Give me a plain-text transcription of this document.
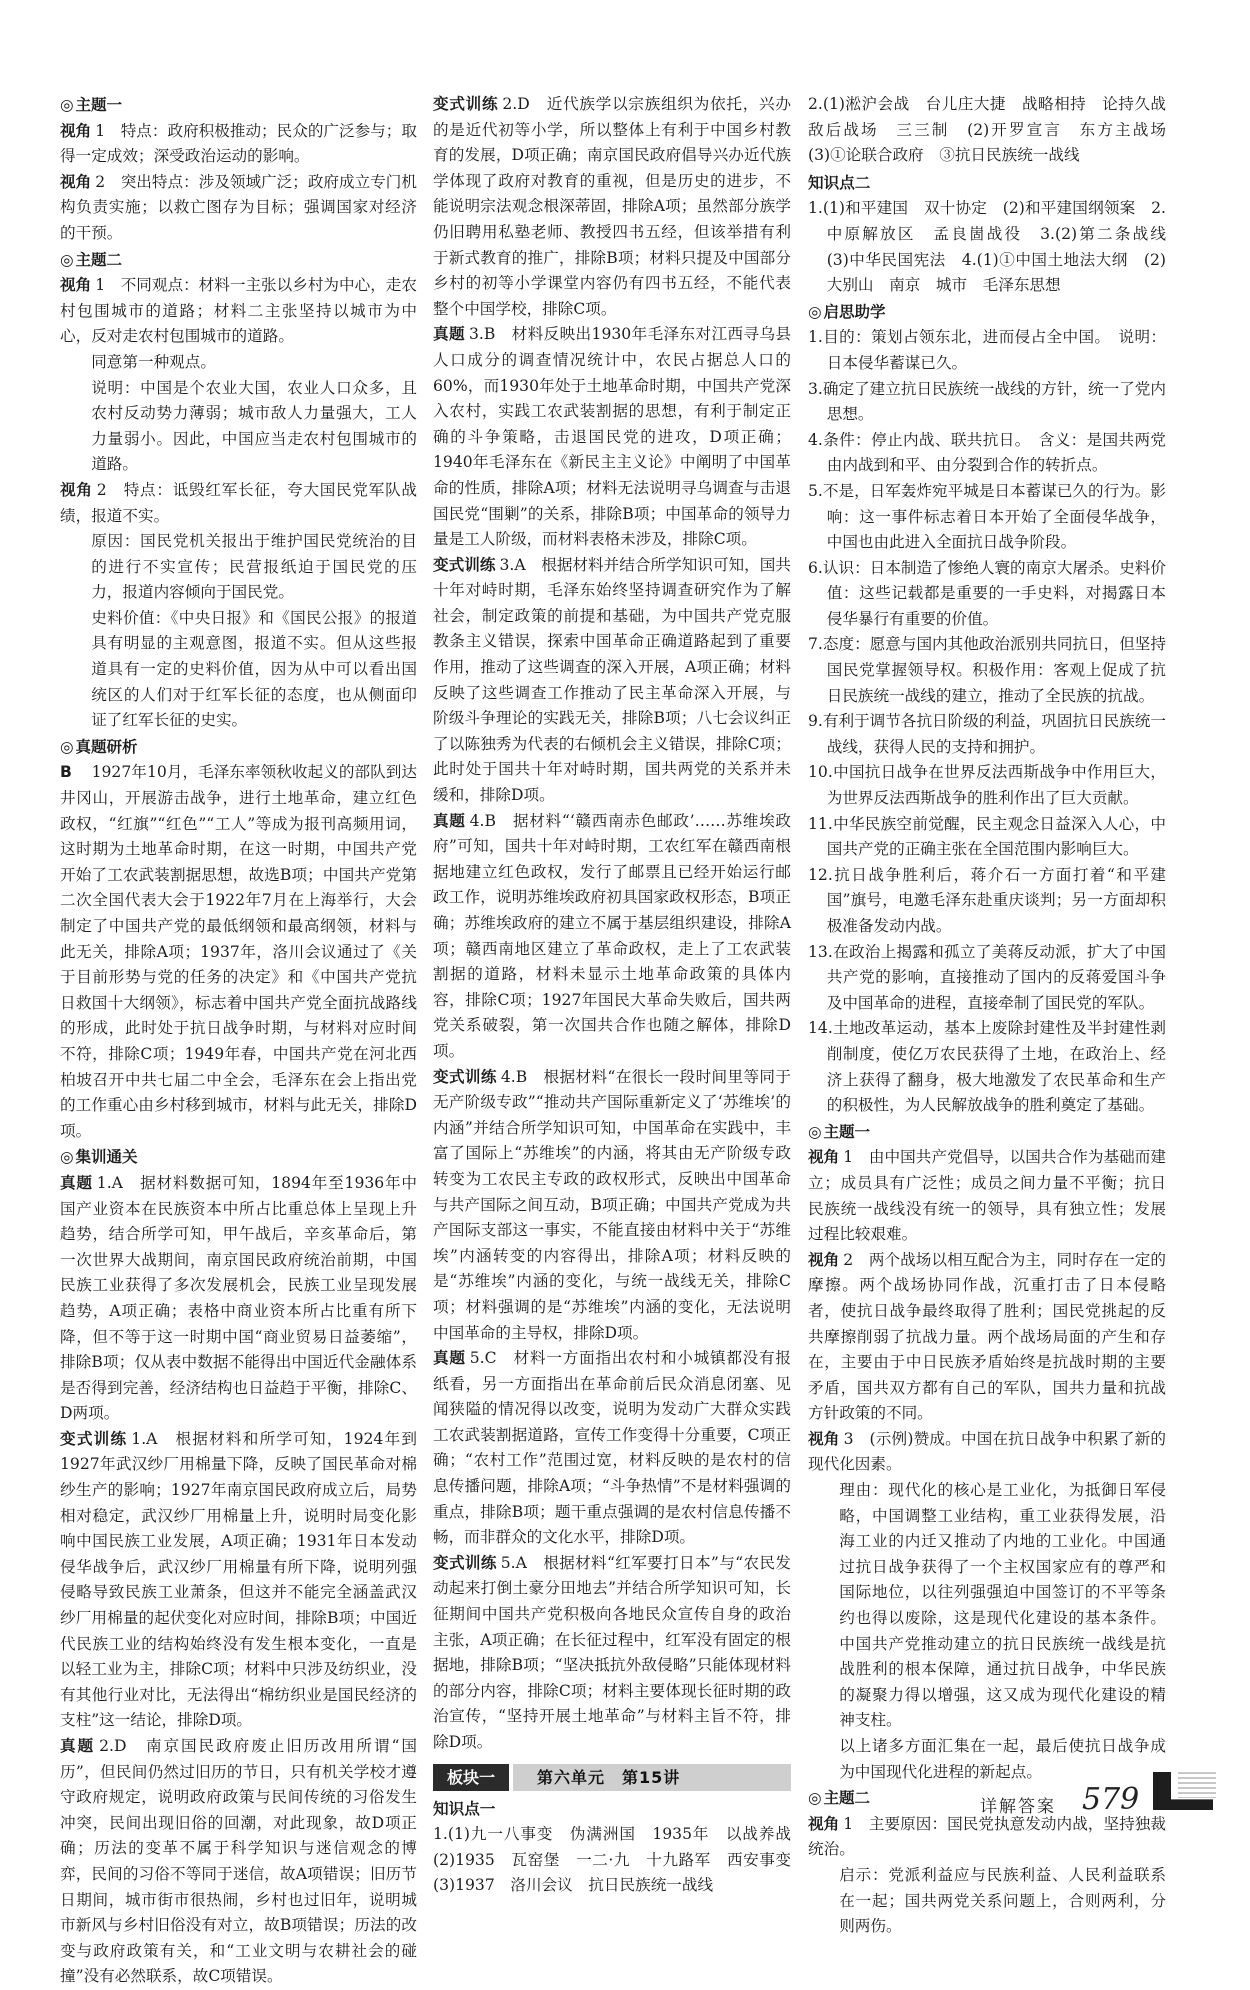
◎ 主题一

视角 1　特点：政府积极推动；民众的广泛参与；取得一定成效；深受政治运动的影响。

视角 2　突出特点：涉及领域广泛；政府成立专门机构负责实施；以救亡图存为目标；强调国家对经济的干预。

◎ 主题二

视角 1　不同观点：材料一主张以乡村为中心，走农村包围城市的道路；材料二主张坚持以城市为中心，反对走农村包围城市的道路。

同意第一种观点。

说明：中国是个农业大国，农业人口众多，且农村反动势力薄弱；城市敌人力量强大，工人力量弱小。因此，中国应当走农村包围城市的道路。

视角 2　特点：诋毁红军长征，夸大国民党军队战绩，报道不实。

原因：国民党机关报出于维护国民党统治的目的进行不实宣传；民营报纸迫于国民党的压力，报道内容倾向于国民党。

史料价值：《中央日报》和《国民公报》的报道具有明显的主观意图，报道不实。但从这些报道具有一定的史料价值，因为从中可以看出国统区的人们对于红军长征的态度，也从侧面印证了红军长征的史实。

◎ 真题研析

B　1927年10月，毛泽东率领秋收起义的部队到达井冈山，开展游击战争，进行土地革命，建立红色政权，“红旗”“红色”“工人”等成为报刊高频用词，这时期为土地革命时期，在这一时期，中国共产党开始了工农武装割据思想，故选B项；中国共产党第二次全国代表大会于1922年7月在上海举行，大会制定了中国共产党的最低纲领和最高纲领，材料与此无关，排除A项；1937年，洛川会议通过了《关于目前形势与党的任务的决定》和《中国共产党抗日救国十大纲领》，标志着中国共产党全面抗战路线的形成，此时处于抗日战争时期，与材料对应时间不符，排除C项；1949年春，中国共产党在河北西柏坡召开中共七届二中全会，毛泽东在会上指出党的工作重心由乡村移到城市，材料与此无关，排除D项。

◎ 集训通关

真题 1.A　据材料数据可知，1894年至1936年中国产业资本在民族资本中所占比重总体上呈现上升趋势，结合所学可知，甲午战后，辛亥革命后，第一次世界大战期间，南京国民政府统治前期，中国民族工业获得了多次发展机会，民族工业呈现发展趋势，A项正确；表格中商业资本所占比重有所下降，但不等于这一时期中国“商业贸易日益萎缩”，排除B项；仅从表中数据不能得出中国近代金融体系是否得到完善，经济结构也日益趋于平衡，排除C、D两项。

变式训练 1.A　根据材料和所学可知，1924年到1927年武汉纱厂用棉量下降，反映了国民革命对棉纱生产的影响；1927年南京国民政府成立后，局势相对稳定，武汉纱厂用棉量上升，说明时局变化影响中国民族工业发展，A项正确；1931年日本发动侵华战争后，武汉纱厂用棉量有所下降，说明列强侵略导致民族工业萧条，但这并不能完全涵盖武汉纱厂用棉量的起伏变化对应时间，排除B项；中国近代民族工业的结构始终没有发生根本变化，一直是以轻工业为主，排除C项；材料中只涉及纺织业，没有其他行业对比，无法得出“棉纺织业是国民经济的支柱”这一结论，排除D项。

真题 2.D　南京国民政府废止旧历改用所谓“国历”，但民间仍然过旧历的节日，只有机关学校才遵守政府规定，说明政府政策与民间传统的习俗发生冲突，民间出现旧俗的回潮，对此现象，故D项正确；历法的变革不属于科学知识与迷信观念的博弈，民间的习俗不等同于迷信，故A项错误；旧历节日期间，城市街市很热闹，乡村也过旧年，说明城市新风与乡村旧俗没有对立，故B项错误；历法的改变与政府政策有关，和“工业文明与农耕社会的碰撞”没有必然联系，故C项错误。

变式训练 2.D　近代族学以宗族组织为依托，兴办的是近代初等小学，所以整体上有利于中国乡村教育的发展，D项正确；南京国民政府倡导兴办近代族学体现了政府对教育的重视，但是历史的进步，不能说明宗法观念根深蒂固，排除A项；虽然部分族学仍旧聘用私塾老师、教授四书五经，但该举措有利于新式教育的推广，排除B项；材料只提及中国部分乡村的初等小学课堂内容仍有四书五经，不能代表整个中国学校，排除C项。

真题 3.B　材料反映出1930年毛泽东对江西寻乌县人口成分的调查情况统计中，农民占据总人口的60%，而1930年处于土地革命时期，中国共产党深入农村，实践工农武装割据的思想，有利于制定正确的斗争策略，击退国民党的进攻，D项正确；1940年毛泽东在《新民主主义论》中阐明了中国革命的性质，排除A项；材料无法说明寻乌调查与击退国民党“围剿”的关系，排除B项；中国革命的领导力量是工人阶级，而材料表格未涉及，排除C项。

变式训练 3.A　根据材料并结合所学知识可知，国共十年对峙时期，毛泽东始终坚持调查研究作为了解社会，制定政策的前提和基础，为中国共产党克服教条主义错误，探索中国革命正确道路起到了重要作用，推动了这些调查的深入开展，A项正确；材料反映了这些调查工作推动了民主革命深入开展，与阶级斗争理论的实践无关，排除B项；八七会议纠正了以陈独秀为代表的右倾机会主义错误，排除C项；此时处于国共十年对峙时期，国共两党的关系并未缓和，排除D项。

真题 4.B　据材料“‘赣西南赤色邮政’……苏维埃政府”可知，国共十年对峙时期，工农红军在赣西南根据地建立红色政权，发行了邮票且已经开始运行邮政工作，说明苏维埃政府初具国家政权形态，B项正确；苏维埃政府的建立不属于基层组织建设，排除A项；赣西南地区建立了革命政权，走上了工农武装割据的道路，材料未显示土地革命政策的具体内容，排除C项；1927年国民大革命失败后，国共两党关系破裂，第一次国共合作也随之解体，排除D项。

变式训练 4.B　根据材料“在很长一段时间里等同于无产阶级专政”“推动共产国际重新定义了‘苏维埃’的内涵”并结合所学知识可知，中国革命在实践中，丰富了国际上“苏维埃”的内涵，将其由无产阶级专政转变为工农民主专政的政权形式，反映出中国革命与共产国际之间互动，B项正确；中国共产党成为共产国际支部这一事实，不能直接由材料中关于“苏维埃”内涵转变的内容得出，排除A项；材料反映的是“苏维埃”内涵的变化，与统一战线无关，排除C项；材料强调的是“苏维埃”内涵的变化，无法说明中国革命的主导权，排除D项。

真题 5.C　材料一方面指出农村和小城镇都没有报纸看，另一方面指出在革命前后民众消息闭塞、见闻狭隘的情况得以改变，说明为发动广大群众实践工农武装割据道路，宣传工作变得十分重要，C项正确；“农村工作”范围过宽，材料反映的是农村的信息传播问题，排除A项；“斗争热情”不是材料强调的重点，排除B项；题干重点强调的是农村信息传播不畅，而非群众的文化水平，排除D项。

变式训练 5.A　根据材料“红军要打日本”与“农民发动起来打倒土豪分田地去”并结合所学知识可知，长征期间中国共产党积极向各地民众宣传自身的政治主张，A项正确；在长征过程中，红军没有固定的根据地，排除B项；“坚决抵抗外敌侵略”只能体现材料的部分内容，排除C项；材料主要体现长征时期的政治宣传，“坚持开展土地革命”与材料主旨不符，排除D项。

板块一	第六单元　第15讲
知识点一

1.(1)九一八事变　伪满洲国　1935年　以战养战　(2)1935　瓦窑堡　一二·九　十九路军　西安事变　(3)1937　洛川会议　抗日民族统一战线

2.(1)淞沪会战　台儿庄大捷　战略相持　论持久战　敌后战场　三三制　(2)开罗宣言　东方主战场　(3)①论联合政府　③抗日民族统一战线

知识点二

1.(1)和平建国　双十协定　(2)和平建国纲领案　2.中原解放区　孟良崮战役　3.(2)第二条战线　(3)中华民国宪法　4.(1)①中国土地法大纲　(2)大别山　南京　城市　毛泽东思想

◎ 启思助学

1.目的：策划占领东北，进而侵占全中国。　说明：日本侵华蓄谋已久。

3.确定了建立抗日民族统一战线的方针，统一了党内思想。

4.条件：停止内战、联共抗日。　含义：是国共两党由内战到和平、由分裂到合作的转折点。

5.不是，日军轰炸宛平城是日本蓄谋已久的行为。影响：这一事件标志着日本开始了全面侵华战争，中国也由此进入全面抗日战争阶段。

6.认识：日本制造了惨绝人寰的南京大屠杀。史料价值：这些记载都是重要的一手史料，对揭露日本侵华暴行有重要的价值。

7.态度：愿意与国内其他政治派别共同抗日，但坚持国民党掌握领导权。积极作用：客观上促成了抗日民族统一战线的建立，推动了全民族的抗战。

9.有利于调节各抗日阶级的利益，巩固抗日民族统一战线，获得人民的支持和拥护。

10.中国抗日战争在世界反法西斯战争中作用巨大，为世界反法西斯战争的胜利作出了巨大贡献。

11.中华民族空前觉醒，民主观念日益深入人心，中国共产党的正确主张在全国范围内影响巨大。

12.抗日战争胜利后，蒋介石一方面打着“和平建国”旗号，电邀毛泽东赴重庆谈判；另一方面却积极准备发动内战。

13.在政治上揭露和孤立了美蒋反动派，扩大了中国共产党的影响，直接推动了国内的反蒋爱国斗争及中国革命的进程，直接牵制了国民党的军队。

14.土地改革运动，基本上废除封建性及半封建性剥削制度，使亿万农民获得了土地，在政治上、经济上获得了翻身，极大地激发了农民革命和生产的积极性，为人民解放战争的胜利奠定了基础。

◎ 主题一

视角 1　由中国共产党倡导，以国共合作为基础而建立；成员具有广泛性；成员之间力量不平衡；抗日民族统一战线没有统一的领导，具有独立性；发展过程比较艰难。

视角 2　两个战场以相互配合为主，同时存在一定的摩擦。两个战场协同作战，沉重打击了日本侵略者，使抗日战争最终取得了胜利；国民党挑起的反共摩擦削弱了抗战力量。两个战场局面的产生和存在，主要由于中日民族矛盾始终是抗战时期的主要矛盾，国共双方都有自己的军队，国共力量和抗战方针政策的不同。

视角 3　(示例)赞成。中国在抗日战争中积累了新的现代化因素。

理由：现代化的核心是工业化，为抵御日军侵略，中国调整工业结构，重工业获得发展，沿海工业的内迁又推动了内地的工业化。中国通过抗日战争获得了一个主权国家应有的尊严和国际地位，以往列强强迫中国签订的不平等条约也得以废除，这是现代化建设的基本条件。中国共产党推动建立的抗日民族统一战线是抗战胜利的根本保障，通过抗日战争，中华民族的凝聚力得以增强，这又成为现代化建设的精神支柱。

以上诸多方面汇集在一起，最后使抗日战争成为中国现代化进程的新起点。

◎ 主题二

视角 1　主要原因：国民党执意发动内战，坚持独裁统治。

启示：党派利益应与民族利益、人民利益联系在一起；国共两党关系问题上，合则两利，分则两伤。

详解答案 579
